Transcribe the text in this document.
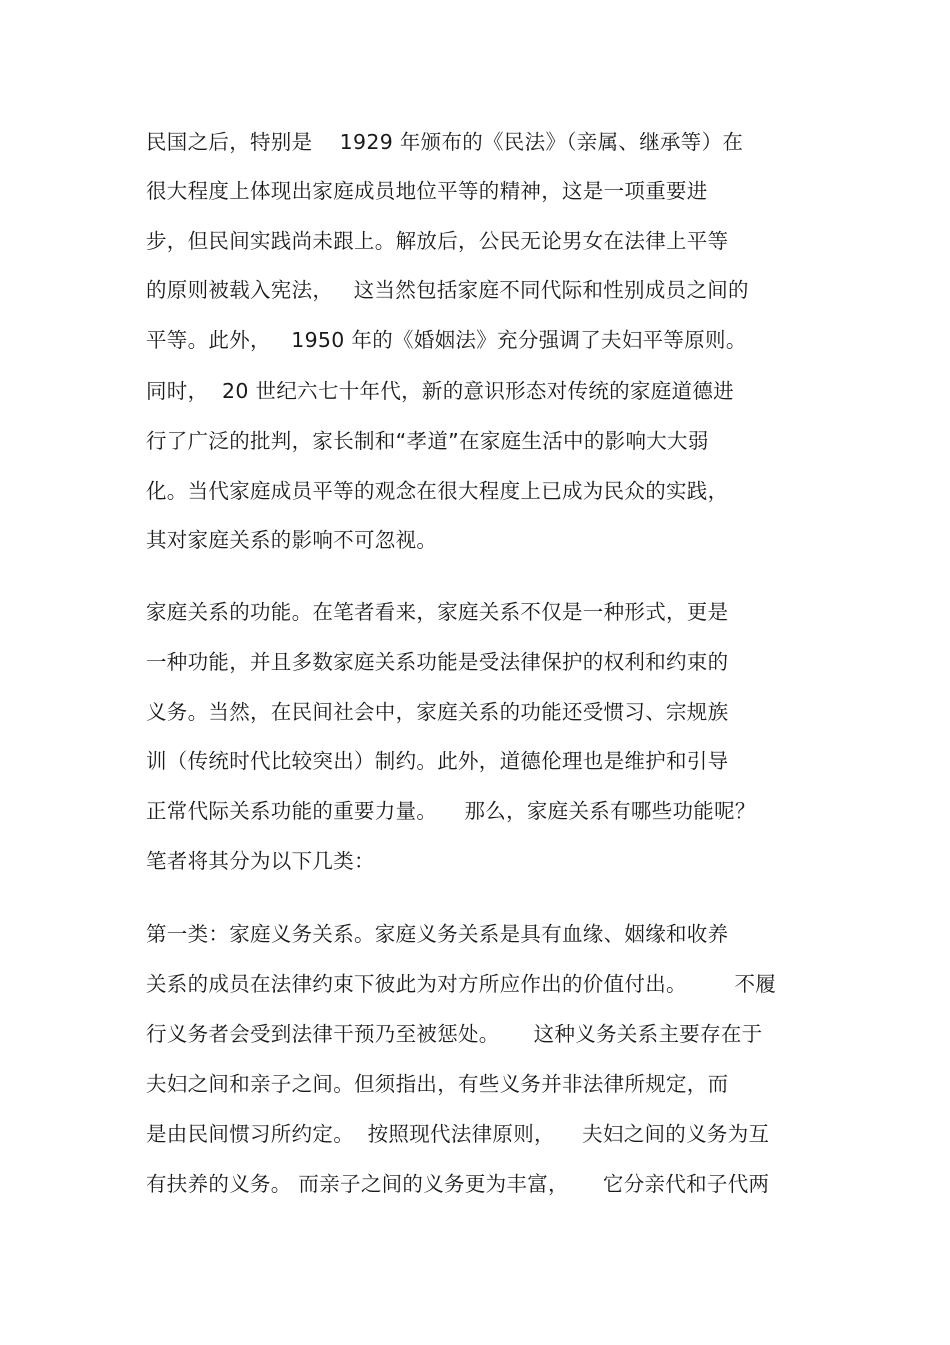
民国之后，特别是    1929 年颁布的《民法》（亲属、继承等）在
很大程度上体现出家庭成员地位平等的精神，这是一项重要进
步，但民间实践尚未跟上。解放后，公民无论男女在法律上平等
的原则被载入宪法，   这当然包括家庭不同代际和性别成员之间的
平等。此外，   1950 年的《婚姻法》充分强调了夫妇平等原则。
同时，  20 世纪六七十年代，新的意识形态对传统的家庭道德进
行了广泛的批判，家长制和“孝道”在家庭生活中的影响大大弱
化。当代家庭成员平等的观念在很大程度上已成为民众的实践，
其对家庭关系的影响不可忽视。
家庭关系的功能。在笔者看来，家庭关系不仅是一种形式，更是
一种功能，并且多数家庭关系功能是受法律保护的权利和约束的
义务。当然，在民间社会中，家庭关系的功能还受惯习、宗规族
训（传统时代比较突出）制约。此外，道德伦理也是维护和引导
正常代际关系功能的重要力量。    那么，家庭关系有哪些功能呢？
笔者将其分为以下几类：
第一类：家庭义务关系。家庭义务关系是具有血缘、姻缘和收养
关系的成员在法律约束下彼此为对方所应作出的价值付出。       不履
行义务者会受到法律干预乃至被惩处。     这种义务关系主要存在于
夫妇之间和亲子之间。但须指出，有些义务并非法律所规定，而
是由民间惯习所约定。  按照现代法律原则，    夫妇之间的义务为互
有扶养的义务。 而亲子之间的义务更为丰富，     它分亲代和子代两
